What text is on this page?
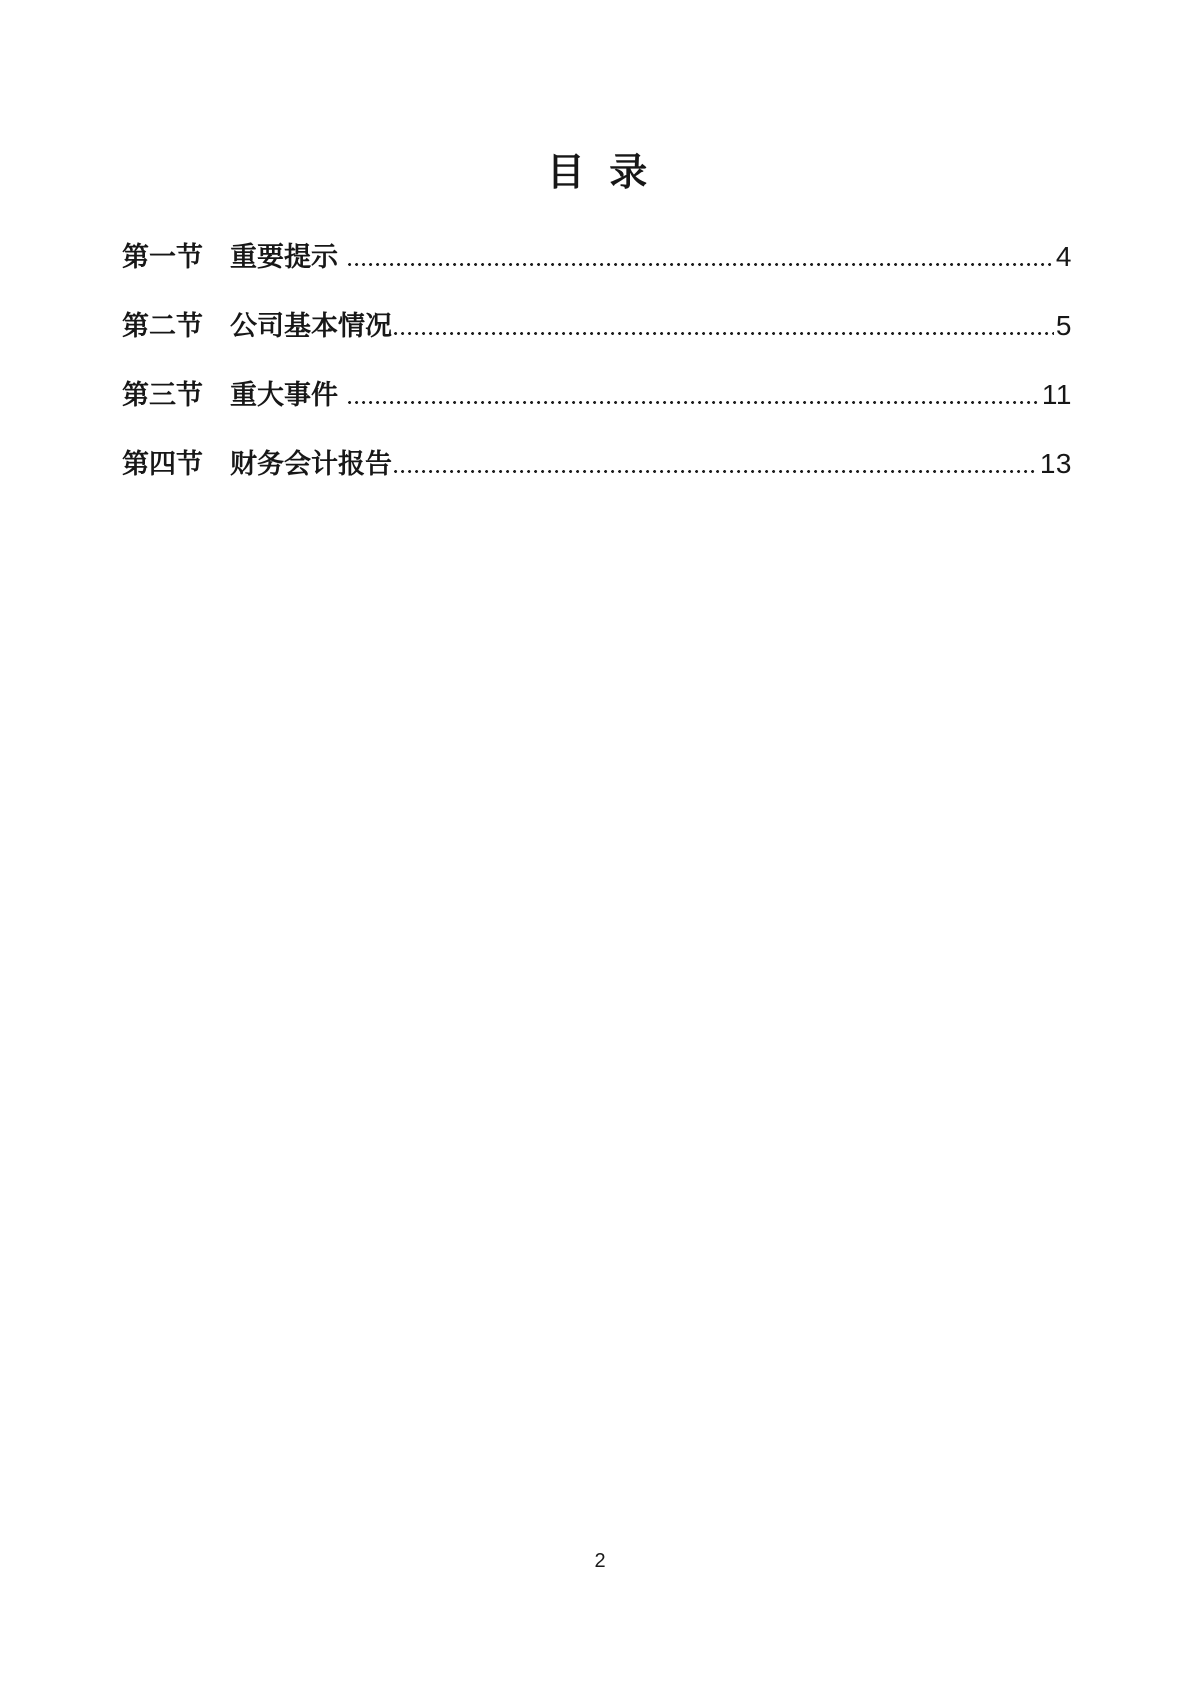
目 录
第一节	重要提示	4
第二节	公司基本情况	5
第三节	重大事件	11
第四节	财务会计报告	13
2
